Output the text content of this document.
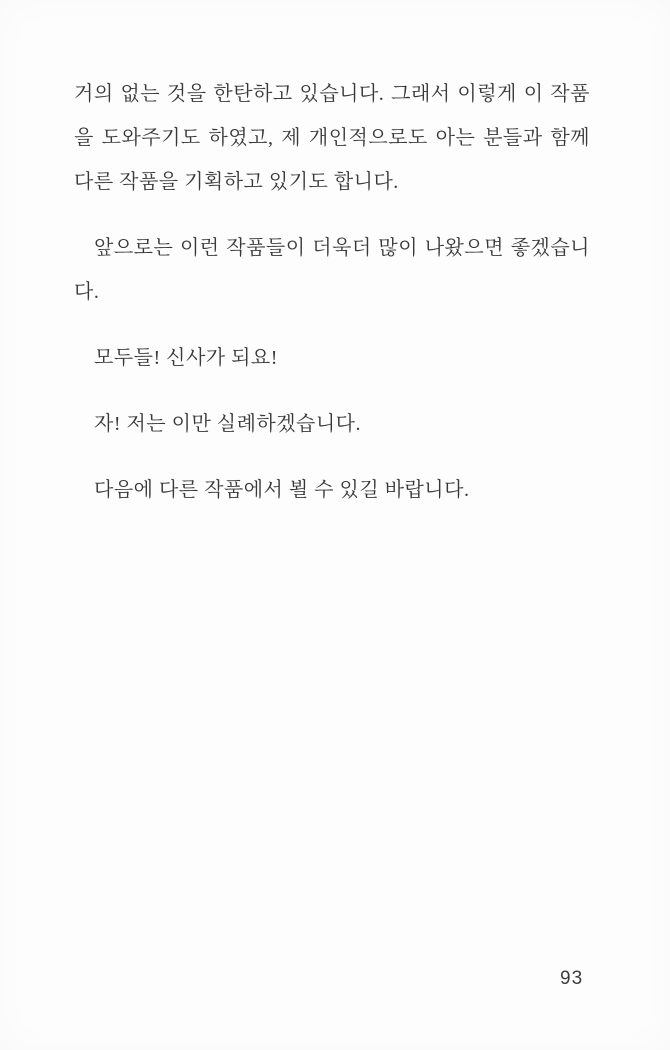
거의 없는 것을 한탄하고 있습니다. 그래서 이렇게 이 작품을 도와주기도 하였고, 제 개인적으로도 아는 분들과 함께 다른 작품을 기획하고 있기도 합니다.

앞으로는 이런 작품들이 더욱더 많이 나왔으면 좋겠습니다.

모두들! 신사가 되요!

자! 저는 이만 실례하겠습니다.

다음에 다른 작품에서 뵐 수 있길 바랍니다.

93
